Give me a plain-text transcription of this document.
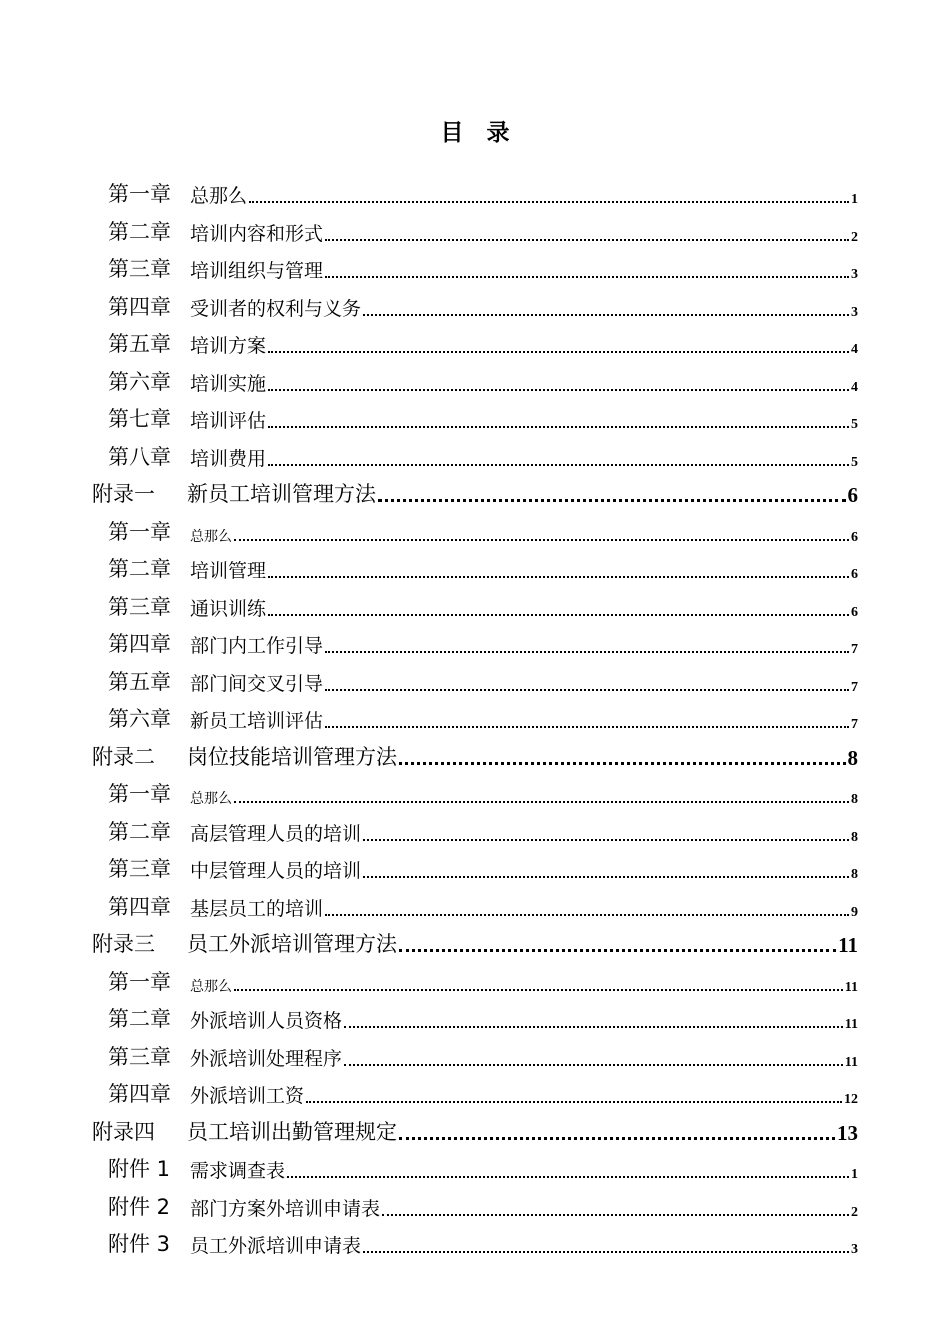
目　录
第一章	总那么	1
第二章	培训内容和形式	2
第三章	培训组织与管理	3
第四章	受训者的权利与义务	3
第五章	培训方案	4
第六章	培训实施	4
第七章	培训评估	5
第八章	培训费用	5
附录一	新员工培训管理方法	6
第一章	总那么	6
第二章	培训管理	6
第三章	通识训练	6
第四章	部门内工作引导	7
第五章	部门间交叉引导	7
第六章	新员工培训评估	7
附录二	岗位技能培训管理方法	8
第一章	总那么	8
第二章	高层管理人员的培训	8
第三章	中层管理人员的培训	8
第四章	基层员工的培训	9
附录三	员工外派培训管理方法	11
第一章	总那么	11
第二章	外派培训人员资格	11
第三章	外派培训处理程序	11
第四章	外派培训工资	12
附录四	员工培训出勤管理规定	13
附件 1	需求调查表	1
附件 2	部门方案外培训申请表	2
附件 3	员工外派培训申请表	3
